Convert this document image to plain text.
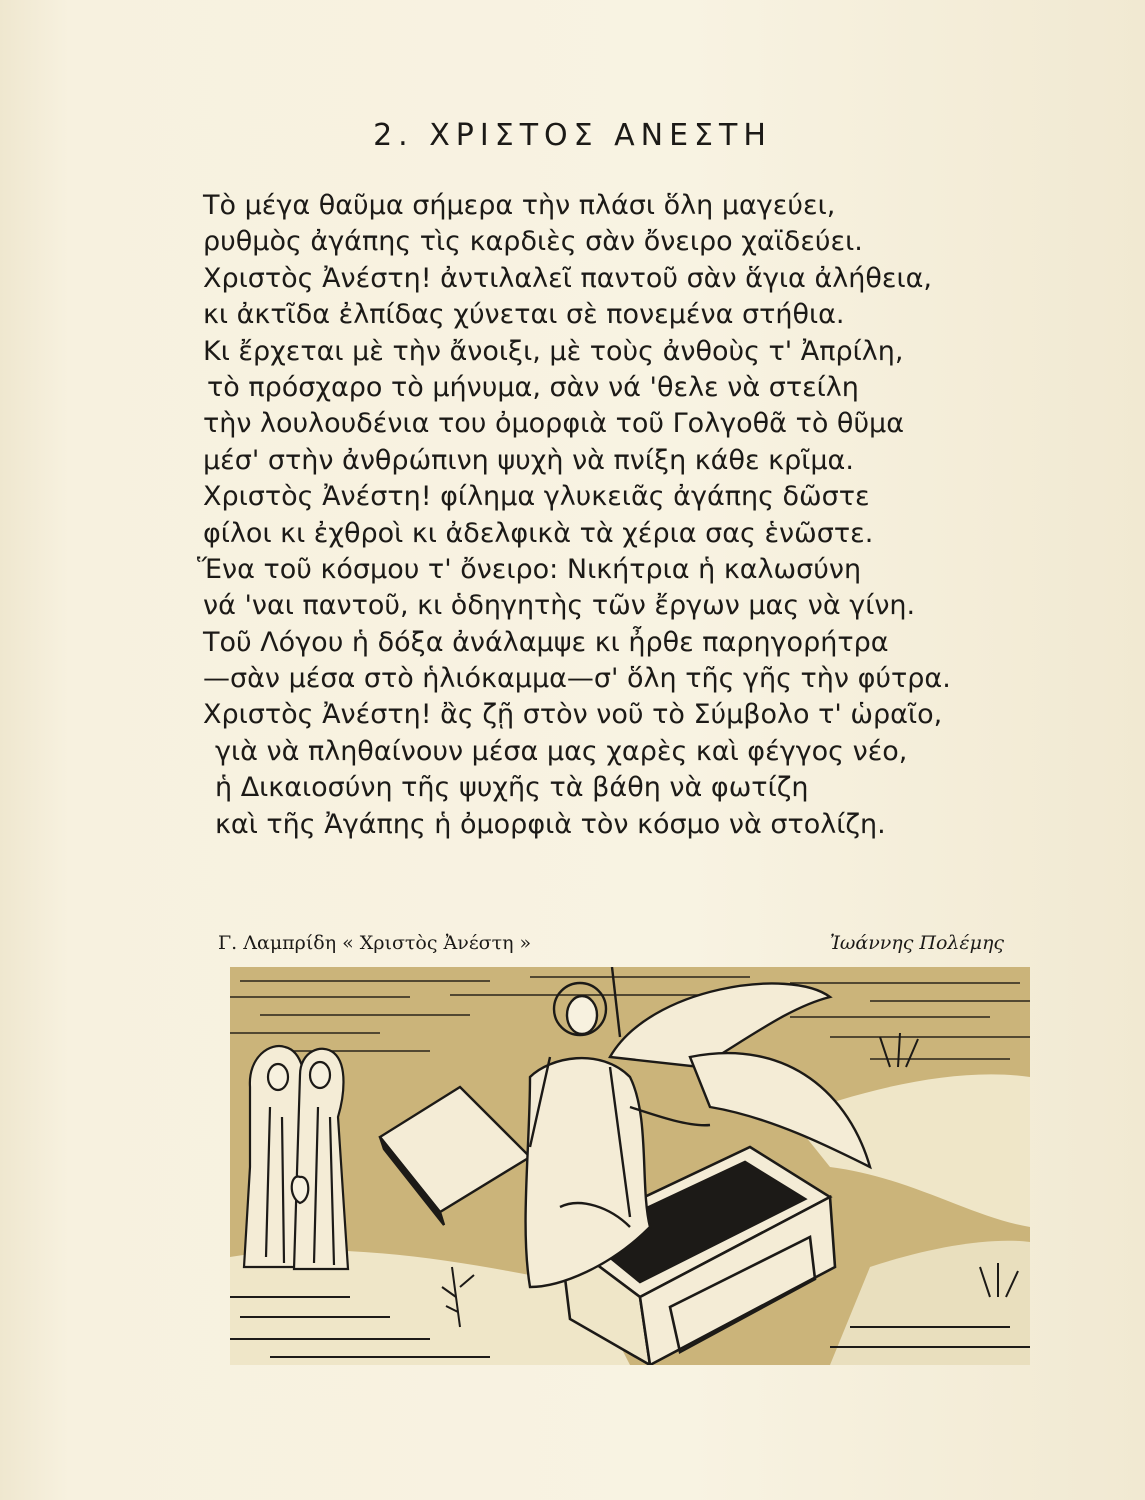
2. ΧΡΙΣΤΟΣ ΑΝΕΣΤΗ
Τὸ μέγα θαῦμα σήμερα τὴν πλάσι ὅλη μαγεύει,
ρυθμὸς ἀγάπης τὶς καρδιὲς σὰν ὄνειρο χαϊδεύει.
Χριστὸς Ἀνέστη! ἀντιλαλεῖ παντοῦ σὰν ἅγια ἀλήθεια,
κι ἀκτῖδα ἐλπίδας χύνεται σὲ πονεμένα στήθια.
Κι ἔρχεται μὲ τὴν ἄνοιξι, μὲ τοὺς ἀνθοὺς τ' Ἀπρίλη,
τὸ πρόσχαρο τὸ μήνυμα, σὰν νά 'θελε νὰ στείλη
τὴν λουλουδένια του ὀμορφιὰ τοῦ Γολγοθᾶ τὸ θῦμα
μέσ' στὴν ἀνθρώπινη ψυχὴ νὰ πνίξη κάθε κρῖμα.
Χριστὸς Ἀνέστη! φίλημα γλυκειᾶς ἀγάπης δῶστε
φίλοι κι ἐχθροὶ κι ἀδελφικὰ τὰ χέρια σας ἑνῶστε.
Ἕνα τοῦ κόσμου τ' ὄνειρο: Νικήτρια ἡ καλωσύνη
νά 'ναι παντοῦ, κι ὁδηγητὴς τῶν ἔργων μας νὰ γίνη.
Τοῦ Λόγου ἡ δόξα ἀνάλαμψε κι ἦρθε παρηγορήτρα
—σὰν μέσα στὸ ἡλιόκαμμα—σ' ὅλη τῆς γῆς τὴν φύτρα.
Χριστὸς Ἀνέστη! ἂς ζῇ στὸν νοῦ τὸ Σύμβολο τ' ὡραῖο,
γιὰ νὰ πληθαίνουν μέσα μας χαρὲς καὶ φέγγος νέο,
ἡ Δικαιοσύνη τῆς ψυχῆς τὰ βάθη νὰ φωτίζη
καὶ τῆς Ἀγάπης ἡ ὀμορφιὰ τὸν κόσμο νὰ στολίζη.
Γ. Λαμπρίδη « Χριστὸς Ἀνέστη »	Ἰωάννης Πολέμης
